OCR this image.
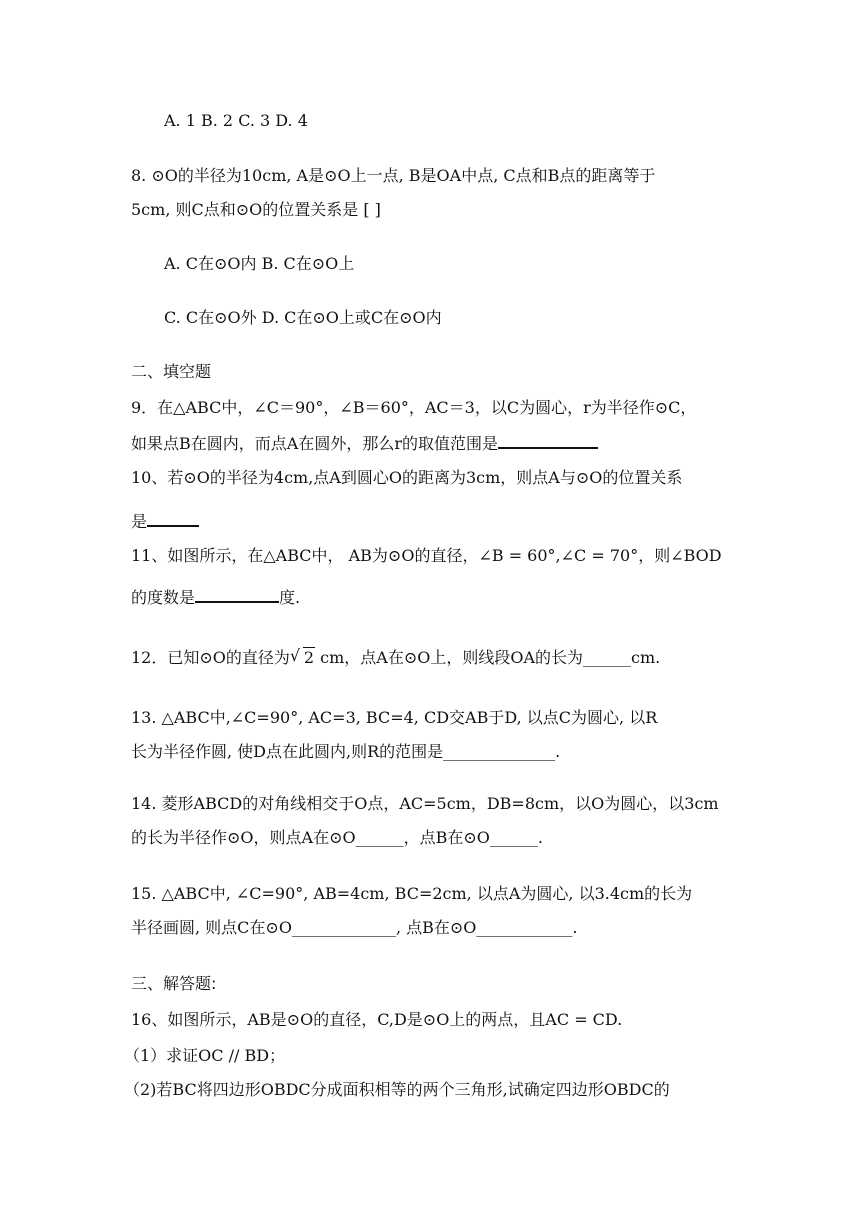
A. 1 B. 2 C. 3 D. 4
8. ⊙O的半径为10cm, A是⊙O上一点, B是OA中点, C点和B点的距离等于
5cm, 则C点和⊙O的位置关系是 [ ]
A. C在⊙O内 B. C在⊙O上
C. C在⊙O外 D. C在⊙O上或C在⊙O内
二、填空题
9．在△ABC中，∠C＝90°，∠B＝60°，AC＝3，以C为圆心，r为半径作⊙C，
如果点B在圆内，而点A在圆外，那么r的取值范围是
10、若⊙O的半径为4cm,点A到圆心O的距离为3cm，则点A与⊙O的位置关系
是
11、如图所示，在△ABC中， AB为⊙O的直径，∠B = 60°,∠C = 70°，则∠BOD
的度数是	度.
12．已知⊙O的直径为 √ 2 cm，点A在⊙O上，则线段OA的长为______cm.
13. △ABC中,∠C=90°, AC=3, BC=4, CD交AB于D, 以点C为圆心, 以R
长为半径作圆, 使D点在此圆内,则R的范围是______________.
14. 菱形ABCD的对角线相交于O点，AC=5cm，DB=8cm，以O为圆心，以3cm
的长为半径作⊙O，则点A在⊙O______，点B在⊙O______.
15. △ABC中, ∠C=90°, AB=4cm, BC=2cm, 以点A为圆心, 以3.4cm的长为
半径画圆, 则点C在⊙O_____________, 点B在⊙O____________.
三、解答题:
16、如图所示，AB是⊙O的直径，C,D是⊙O上的两点，且AC = CD.
（1）求证OC // BD；
（2)若BC将四边形OBDC分成面积相等的两个三角形,试确定四边形OBDC的
